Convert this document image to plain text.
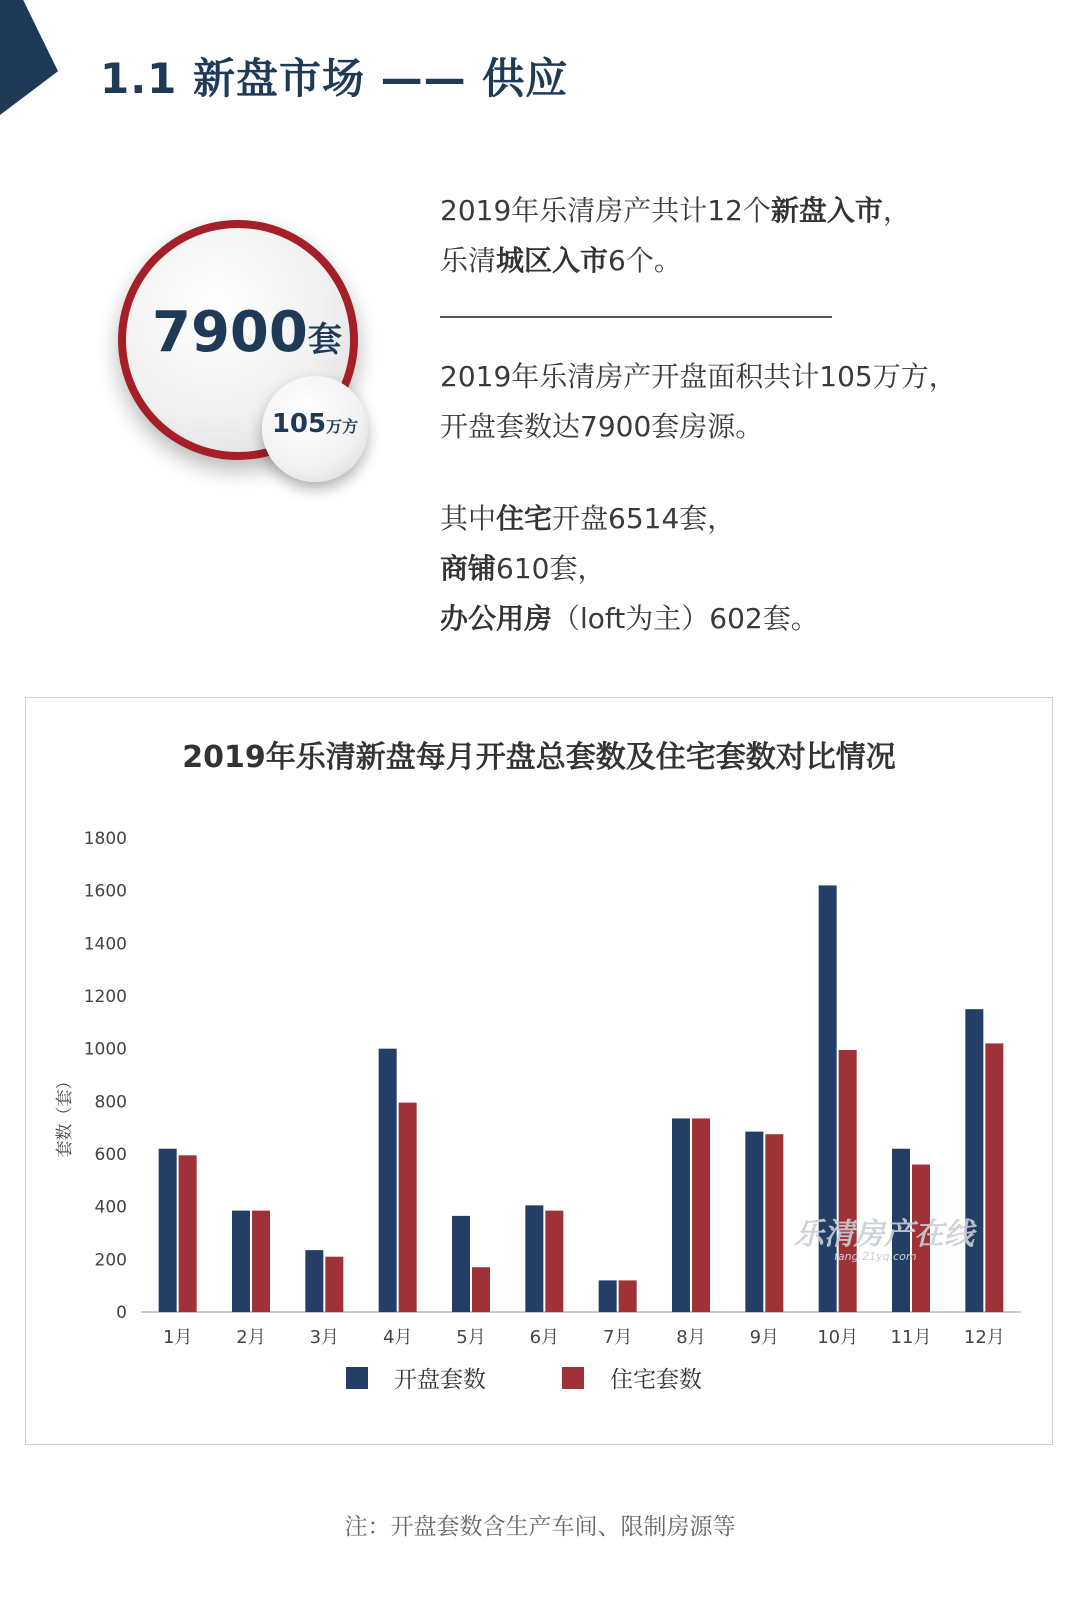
1.1 新盘市场 —— 供应
7900套
105万方
2019年乐清房产共计12个新盘入市，
乐清城区入市6个。
2019年乐清房产开盘面积共计105万方，
开盘套数达7900套房源。
其中住宅开盘6514套，
商铺610套，
办公用房（loft为主）602套。
2019年乐清新盘每月开盘总套数及住宅套数对比情况
0
200
400
600
800
1000
1200
1400
1600
1800
套数（套）
1月 2月 3月 4月 5月 6月 7月 8月 9月 10月 11月 12月
开盘套数	住宅套数
乐清房产在线
fang.21yq.com
注：开盘套数含生产车间、限制房源等
